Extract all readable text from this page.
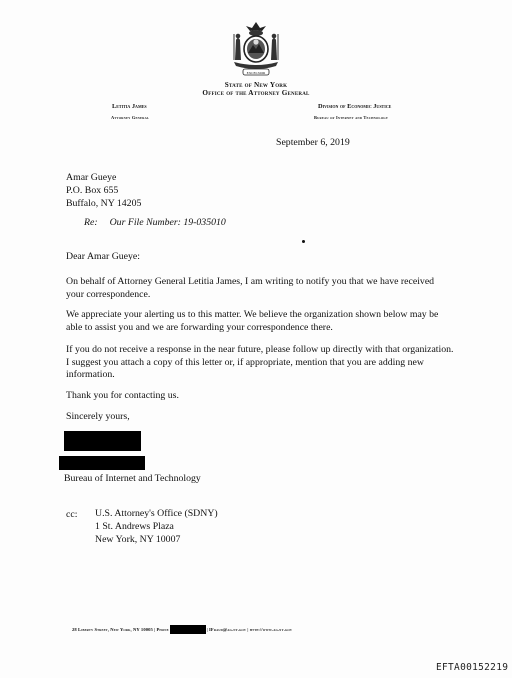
EXCELSIOR
State of New York
Office of the Attorney General
Letitia James
Attorney General
Division of Economic Justice
Bureau of Internet and Technology
September 6, 2019
Amar Gueye
P.O. Box 655
Buffalo, NY 14205
Re: Our File Number: 19-035010
Dear Amar Gueye:
On behalf of Attorney General Letitia James, I am writing to notify you that we have received your correspondence.
We appreciate your alerting us to this matter. We believe the organization shown below may be able to assist you and we are forwarding your correspondence there.
If you do not receive a response in the near future, please follow up directly with that organization. I suggest you attach a copy of this letter or, if appropriate, mention that you are adding new information.
Thank you for contacting us.
Sincerely yours,
Bureau of Internet and Technology
cc: U.S. Attorney's Office (SDNY)
1 St. Andrews Plaza
New York, NY 10007
28 Liberty Street, New York, NY 10005 | Phone	| IFraud@ag.ny.gov | http://www.ag.ny.gov
EFTA00152219
